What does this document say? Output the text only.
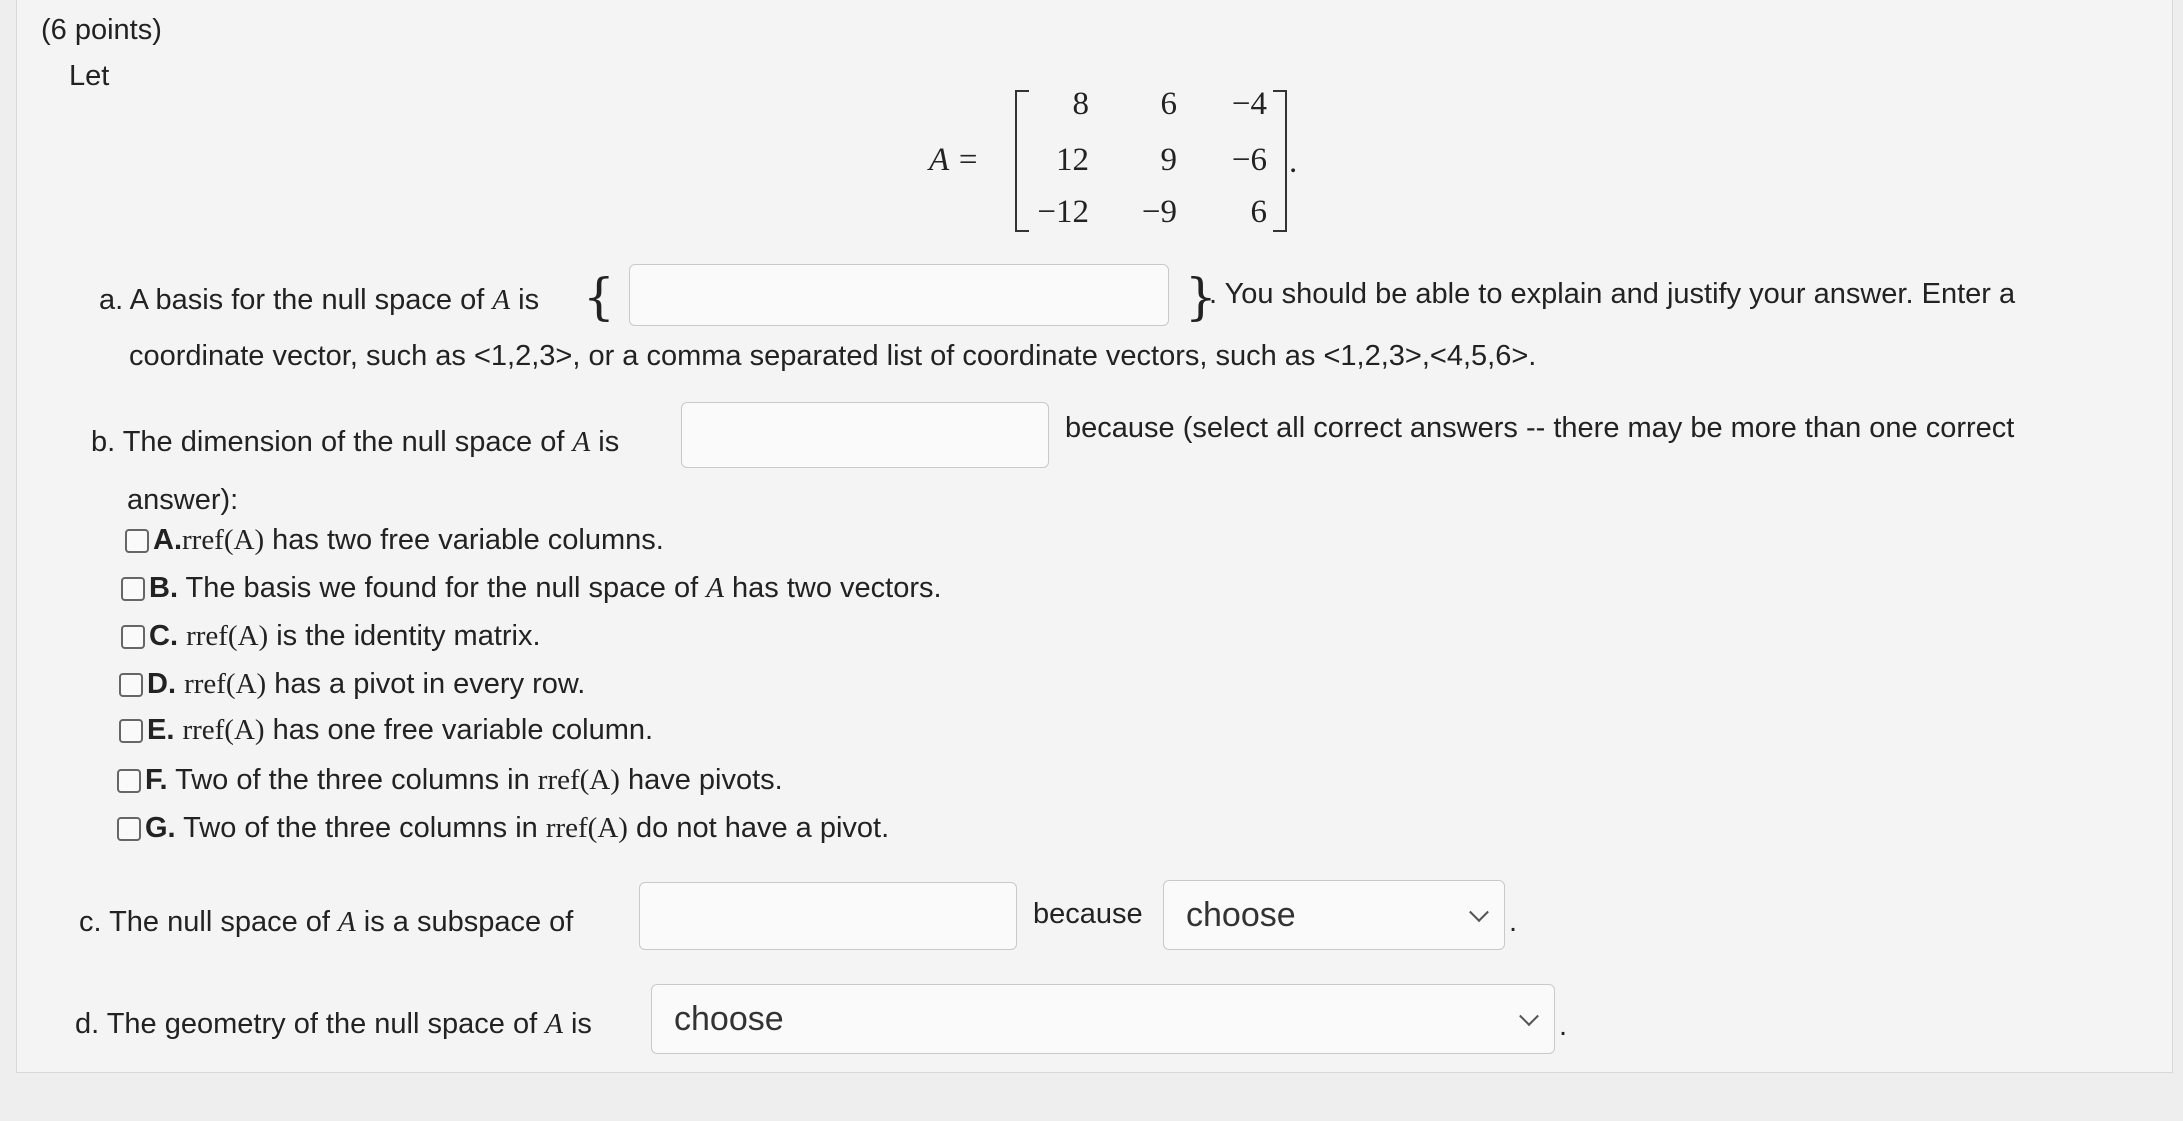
(6 points)
Let
A =	.
8	6	−4
12	9	−6
−12	−9	6
a. A basis for the null space of A is {	}
. You should be able to explain and justify your answer. Enter a
coordinate vector, such as <1,2,3>, or a comma separated list of coordinate vectors, such as <1,2,3>,<4,5,6>.
b. The dimension of the null space of A is	because (select all correct answers -- there may be more than one correct
answer):
A.rref(A) has two free variable columns.
B. The basis we found for the null space of A has two vectors.
C. rref(A) is the identity matrix.
D. rref(A) has a pivot in every row.
E. rref(A) has one free variable column.
F. Two of the three columns in rref(A) have pivots.
G. Two of the three columns in rref(A) do not have a pivot.
c. The null space of A is a subspace of	because choose	.
d. The geometry of the null space of A is choose	.
